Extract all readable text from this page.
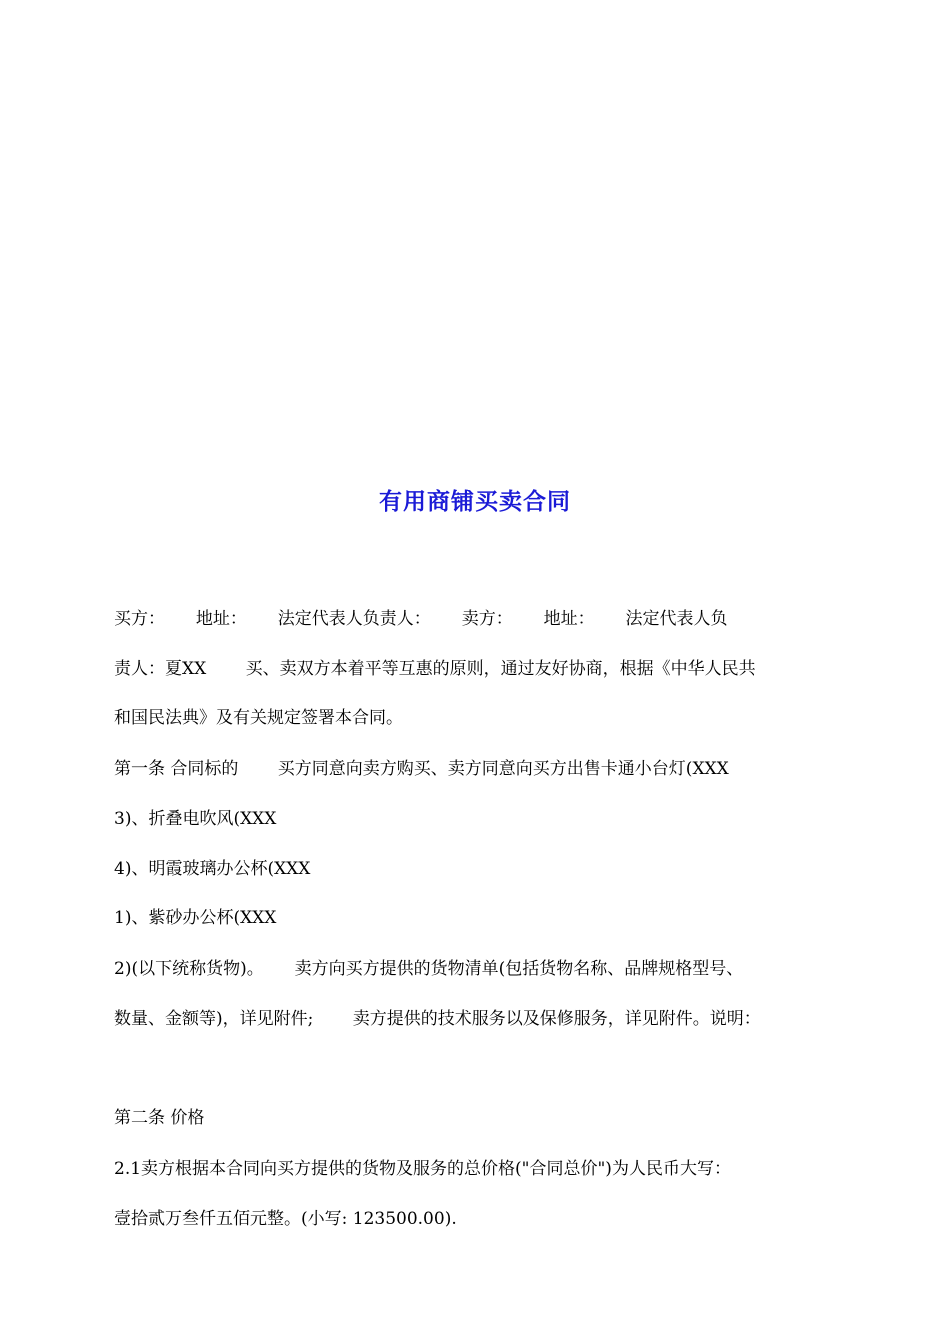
有用商铺买卖合同
买方：　　 地址：　　 法定代表人负责人：　　 卖方：　　 地址：　　 法定代表人负
责人：夏XX　　 买、卖双方本着平等互惠的原则，通过友好协商，根据《中华人民共
和国民法典》及有关规定签署本合同。
第一条 合同标的　　 买方同意向卖方购买、卖方同意向买方出售卡通小台灯(XXX
3)、折叠电吹风(XXX
4)、明霞玻璃办公杯(XXX
1)、紫砂办公杯(XXX
2)(以下统称货物)。　　 卖方向买方提供的货物清单(包括货物名称、品牌规格型号、
数量、金额等)，详见附件;　　 卖方提供的技术服务以及保修服务，详见附件。说明：
第二条 价格
2.1卖方根据本合同向买方提供的货物及服务的总价格("合同总价")为人民币大写：
壹拾贰万叁仟五佰元整。(小写: 123500.00).
